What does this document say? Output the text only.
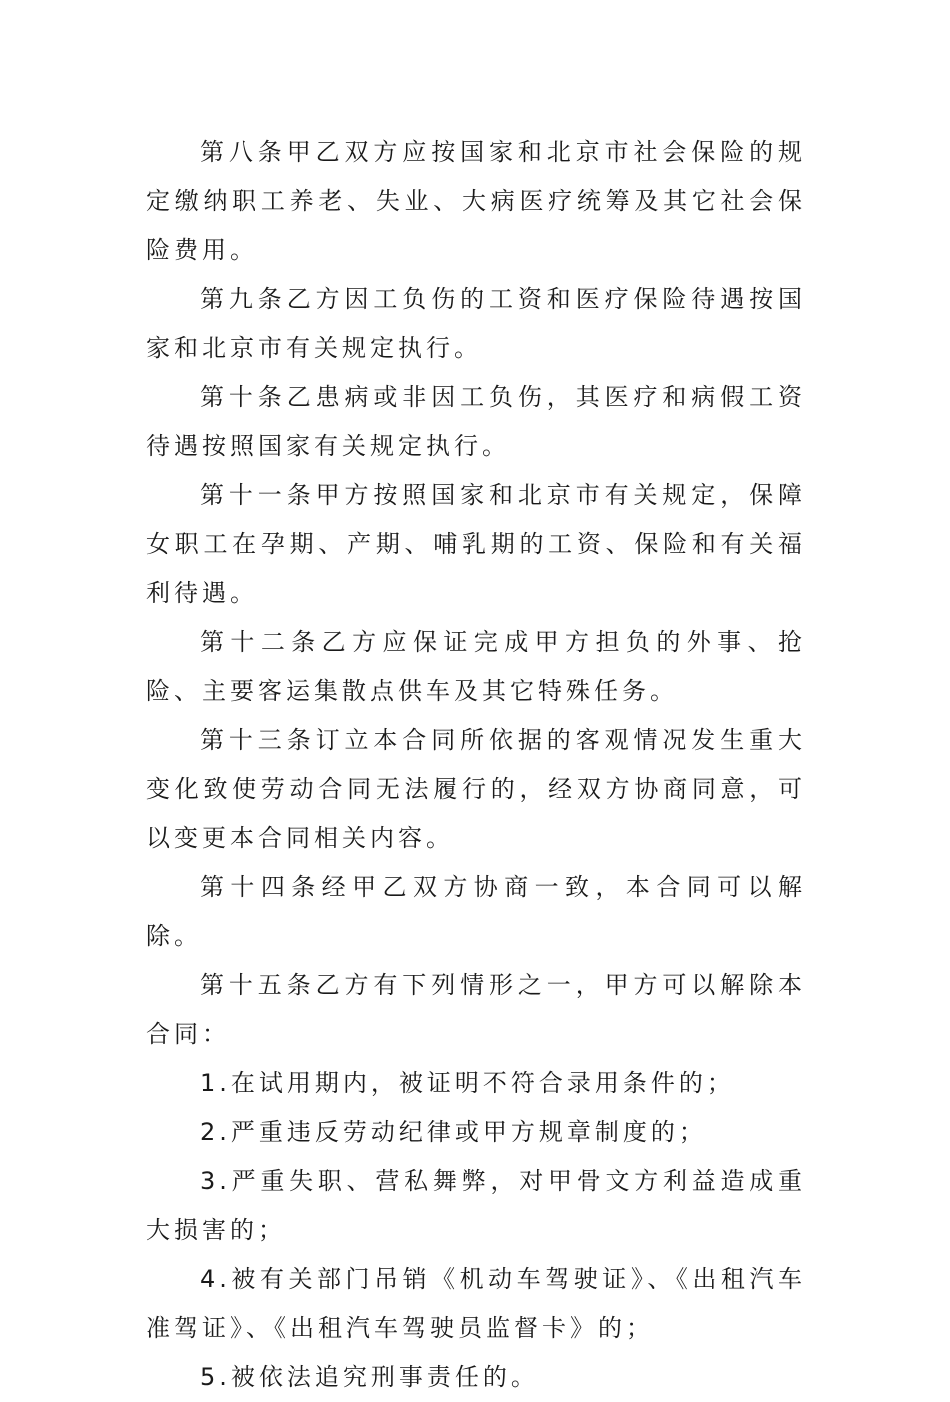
第八条甲乙双方应按国家和北京市社会保险的规定缴纳职工养老、失业、大病医疗统筹及其它社会保险费用。

第九条乙方因工负伤的工资和医疗保险待遇按国家和北京市有关规定执行。

第十条乙患病或非因工负伤，其医疗和病假工资待遇按照国家有关规定执行。

第十一条甲方按照国家和北京市有关规定，保障女职工在孕期、产期、哺乳期的工资、保险和有关福利待遇。

第十二条乙方应保证完成甲方担负的外事、抢险、主要客运集散点供车及其它特殊任务。

第十三条订立本合同所依据的客观情况发生重大变化致使劳动合同无法履行的，经双方协商同意，可以变更本合同相关内容。

第十四条经甲乙双方协商一致，本合同可以解除。

第十五条乙方有下列情形之一，甲方可以解除本合同：

1.在试用期内，被证明不符合录用条件的；

2.严重违反劳动纪律或甲方规章制度的；

3.严重失职、营私舞弊，对甲骨文方利益造成重大损害的；

4.被有关部门吊销《机动车驾驶证》、《出租汽车准驾证》、《出租汽车驾驶员监督卡》的；

5.被依法追究刑事责任的。
